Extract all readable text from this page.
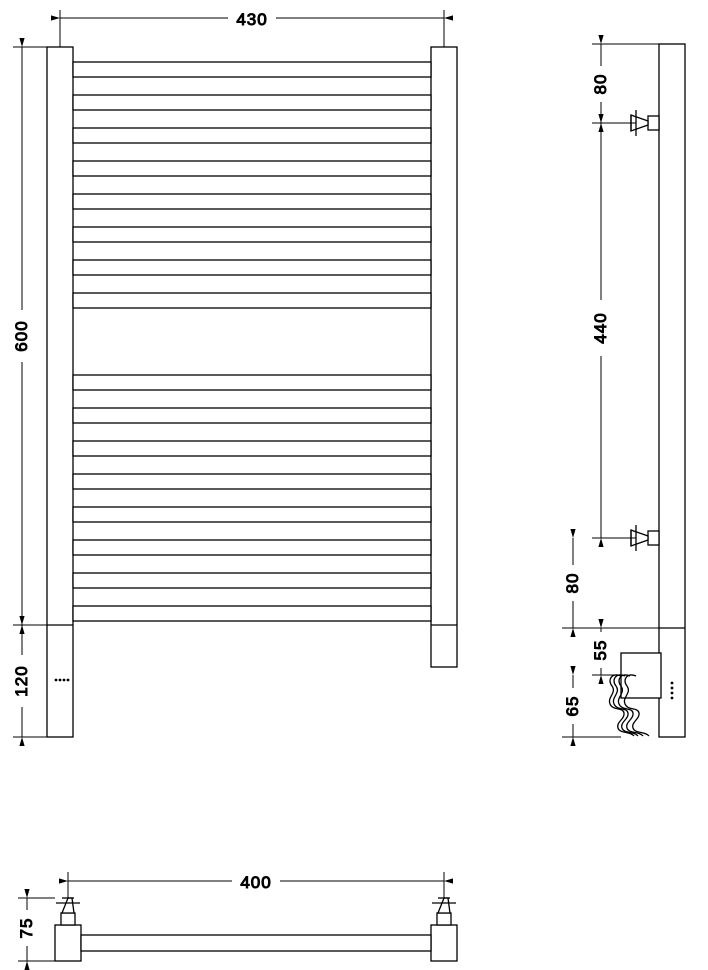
430
600
120
80
440
80
55
65
400
75
